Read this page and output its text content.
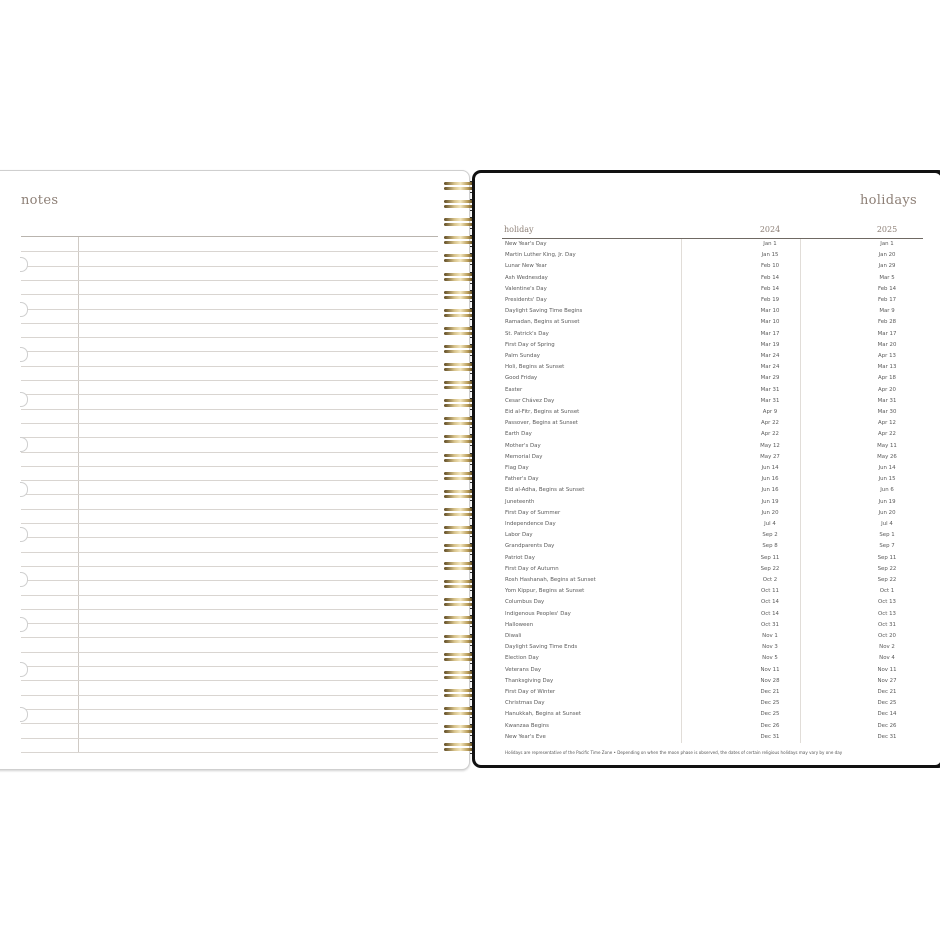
notes	holidays
holiday	2024	2025
New Year's Day	Jan 1	Jan 1
Martin Luther King, Jr. Day	Jan 15	Jan 20
Lunar New Year	Feb 10	Jan 29
Ash Wednesday	Feb 14	Mar 5
Valentine's Day	Feb 14	Feb 14
Presidents' Day	Feb 19	Feb 17
Daylight Saving Time Begins	Mar 10	Mar 9
Ramadan, Begins at Sunset	Mar 10	Feb 28
St. Patrick's Day	Mar 17	Mar 17
First Day of Spring	Mar 19	Mar 20
Palm Sunday	Mar 24	Apr 13
Holi, Begins at Sunset	Mar 24	Mar 13
Good Friday	Mar 29	Apr 18
Easter	Mar 31	Apr 20
Cesar Chávez Day	Mar 31	Mar 31
Eid al-Fitr, Begins at Sunset	Apr 9	Mar 30
Passover, Begins at Sunset	Apr 22	Apr 12
Earth Day	Apr 22	Apr 22
Mother's Day	May 12	May 11
Memorial Day	May 27	May 26
Flag Day	Jun 14	Jun 14
Father's Day	Jun 16	Jun 15
Eid al-Adha, Begins at Sunset	Jun 16	Jun 6
Juneteenth	Jun 19	Jun 19
First Day of Summer	Jun 20	Jun 20
Independence Day	Jul 4	Jul 4
Labor Day	Sep 2	Sep 1
Grandparents Day	Sep 8	Sep 7
Patriot Day	Sep 11	Sep 11
First Day of Autumn	Sep 22	Sep 22
Rosh Hashanah, Begins at Sunset	Oct 2	Sep 22
Yom Kippur, Begins at Sunset	Oct 11	Oct 1
Columbus Day	Oct 14	Oct 13
Indigenous Peoples' Day	Oct 14	Oct 13
Halloween	Oct 31	Oct 31
Diwali	Nov 1	Oct 20
Daylight Saving Time Ends	Nov 3	Nov 2
Election Day	Nov 5	Nov 4
Veterans Day	Nov 11	Nov 11
Thanksgiving Day	Nov 28	Nov 27
First Day of Winter	Dec 21	Dec 21
Christmas Day	Dec 25	Dec 25
Hanukkah, Begins at Sunset	Dec 25	Dec 14
Kwanzaa Begins	Dec 26	Dec 26
New Year's Eve	Dec 31	Dec 31
Holidays are representative of the Pacific Time Zone • Depending on when the moon phase is observed, the dates of certain religious holidays may vary by one day
